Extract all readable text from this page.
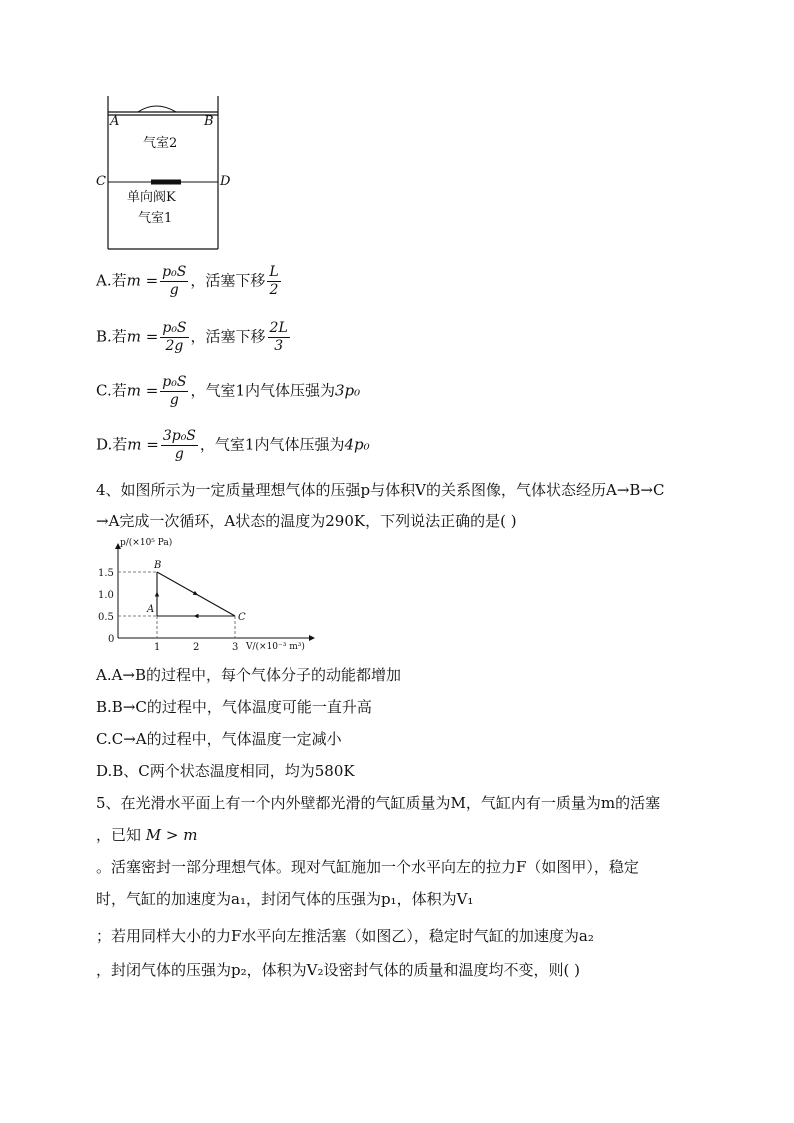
A	B
气室2
C	D
单向阀K
气室1
A.若$m = \frac{\text{p₀S}}{g}$ ，活塞下移 $\frac{L}{2}$
B.若$m = \frac{\text{p₀S}}{2g}$ ，活塞下移 $\frac{2L}{3}$
C.若$m = \frac{\text{p₀S}}{g}$ ，气室1内气体压强为3p₀
D.若$m = \frac{\text{3p₀S}}{g}$ ，气室1内气体压强为4p₀
4、如图所示为一定质量理想气体的压强p与体积V的关系图像，气体状态经历A→B→C
→A完成一次循环，A状态的温度为290K，下列说法正确的是( )
A
B
C
1	2	3
1.5
1.0
0.5
0
p/(×10⁵ Pa)
V/(×10⁻³ m³)
A.A→B的过程中，每个气体分子的动能都增加
B.B→C的过程中，气体温度可能一直升高
C.C→A的过程中，气体温度一定减小
D.B、C两个状态温度相同，均为580K
5、在光滑水平面上有一个内外壁都光滑的气缸质量为M，气缸内有一质量为m的活塞
，已知 M > m
。活塞密封一部分理想气体。现对气缸施加一个水平向左的拉力F（如图甲），稳定
时，气缸的加速度为a₁，封闭气体的压强为p₁，体积为V₁
；若用同样大小的力F水平向左推活塞（如图乙），稳定时气缸的加速度为a₂
，封闭气体的压强为p₂，体积为V₂设密封气体的质量和温度均不变，则( )
